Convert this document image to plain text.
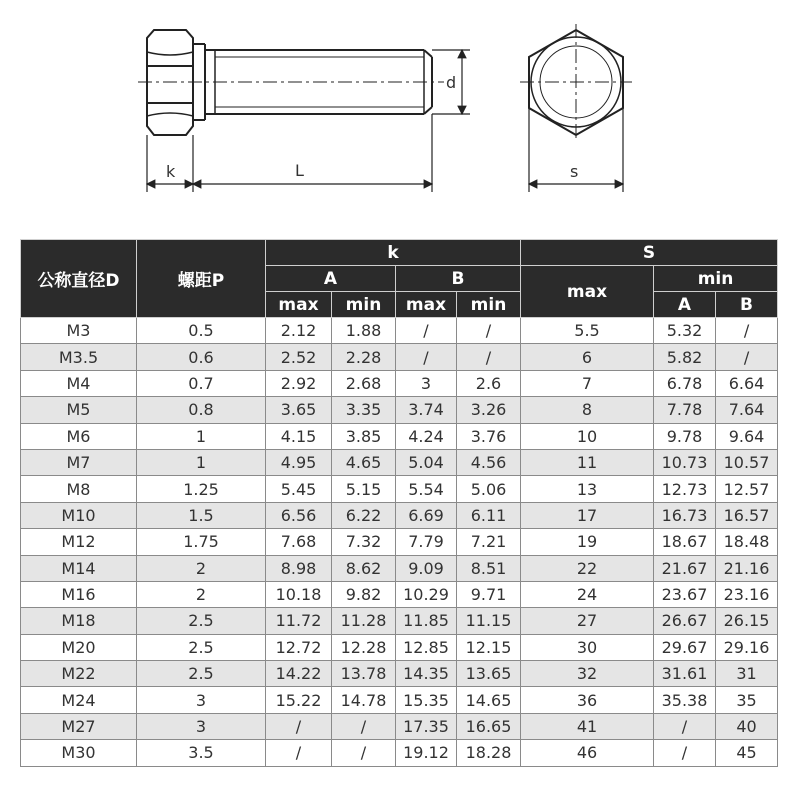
k	L
d
s
公称直径D	螺距P	k				S		
		A		B		max	min	
		max	min	max	min		A	B
M3	0.5	2.12	1.88	/	/	5.5	5.32	/
M3.5	0.6	2.52	2.28	/	/	6	5.82	/
M4	0.7	2.92	2.68	3	2.6	7	6.78	6.64
M5	0.8	3.65	3.35	3.74	3.26	8	7.78	7.64
M6	1	4.15	3.85	4.24	3.76	10	9.78	9.64
M7	1	4.95	4.65	5.04	4.56	11	10.73	10.57
M8	1.25	5.45	5.15	5.54	5.06	13	12.73	12.57
M10	1.5	6.56	6.22	6.69	6.11	17	16.73	16.57
M12	1.75	7.68	7.32	7.79	7.21	19	18.67	18.48
M14	2	8.98	8.62	9.09	8.51	22	21.67	21.16
M16	2	10.18	9.82	10.29	9.71	24	23.67	23.16
M18	2.5	11.72	11.28	11.85	11.15	27	26.67	26.15
M20	2.5	12.72	12.28	12.85	12.15	30	29.67	29.16
M22	2.5	14.22	13.78	14.35	13.65	32	31.61	31
M24	3	15.22	14.78	15.35	14.65	36	35.38	35
M27	3	/	/	17.35	16.65	41	/	40
M30	3.5	/	/	19.12	18.28	46	/	45
